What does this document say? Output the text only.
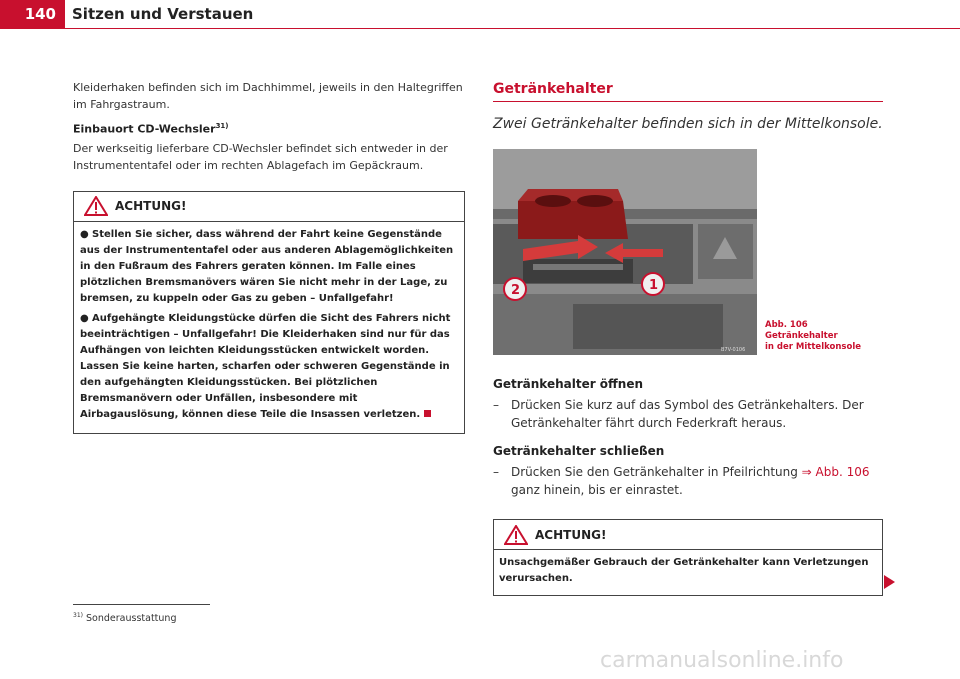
140	Sitzen und Verstauen

Kleiderhaken befinden sich im Dachhimmel, jeweils in den Haltegriffen im Fahrgastraum.

Einbauort CD-Wechsler$^{31)}$

Der werkseitig lieferbare CD-Wechsler befindet sich entweder in der Instrumententafel oder im rechten Ablagefach im Gepäckraum.

ACHTUNG!
● Stellen Sie sicher, dass während der Fahrt keine Gegenstände aus der Instrumententafel oder aus anderen Ablagemöglichkeiten in den Fußraum des Fahrers geraten können. Im Falle eines plötzlichen Bremsmanövers wären Sie nicht mehr in der Lage, zu bremsen, zu kuppeln oder Gas zu geben – Unfallgefahr!
● Aufgehängte Kleidungstücke dürfen die Sicht des Fahrers nicht beeinträchtigen – Unfallgefahr! Die Kleiderhaken sind nur für das Aufhängen von leichten Kleidungsstücken entwickelt worden. Lassen Sie keine harten, scharfen oder schweren Gegenstände in den aufgehängten Kleidungsstücken. Bei plötzlichen Bremsmanövern oder Unfällen, insbesondere mit Airbagauslösung, können diese Teile die Insassen verletzen.
Getränkehalter
Zwei Getränkehalter befinden sich in der Mittelkonsole.
2	1
B7V-0106
Abb. 106 Getränkehalter
in der Mittelkonsole
Getränkehalter öffnen
– Drücken Sie kurz auf das Symbol des Getränkehalters. Der Getränkehalter fährt durch Federkraft heraus.
Getränkehalter schließen
– Drücken Sie den Getränkehalter in Pfeilrichtung ⇒ Abb. 106 ganz hinein, bis er einrastet.
ACHTUNG!
Unsachgemäßer Gebrauch der Getränkehalter kann Verletzungen verursachen.
$^{31)}$ Sonderausstattung
carmanualsonline.info
